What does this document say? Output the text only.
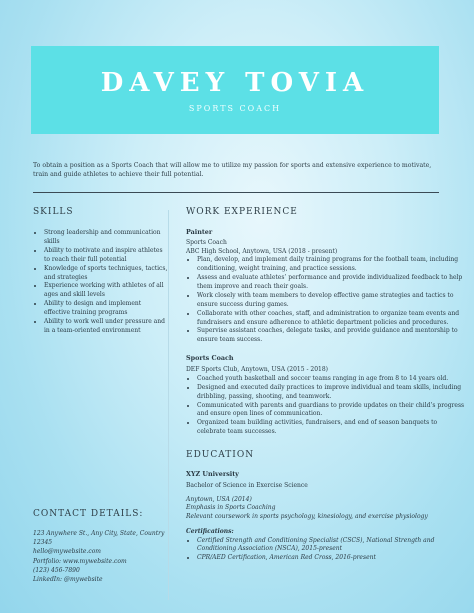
DAVEY TOVIA
SPORTS COACH
To obtain a position as a Sports Coach that will allow me to utilize my passion for sports and extensive experience to motivate, train and guide athletes to achieve their full potential.
SKILLS
• Strong leadership and communication skills
• Ability to motivate and inspire athletes to reach their full potential
• Knowledge of sports techniques, tactics, and strategies
• Experience working with athletes of all ages and skill levels
• Ability to design and implement effective training programs
• Ability to work well under pressure and in a team-oriented environment
CONTACT DETAILS:
123 Anywhere St., Any City, State, Country 12345
hello@mywebsite.com
Portfolio: www.mywebsite.com
(123) 456-7890
LinkedIn: @mywebsite
WORK EXPERIENCE
Painter
Sports Coach
ABC High School, Anytown, USA (2018 - present)
• Plan, develop, and implement daily training programs for the football team, including conditioning, weight training, and practice sessions.
• Assess and evaluate athletes’ performance and provide individualized feedback to help them improve and reach their goals.
• Work closely with team members to develop effective game strategies and tactics to ensure success during games.
• Collaborate with other coaches, staff, and administration to organize team events and fundraisers and ensure adherence to athletic department policies and procedures.
• Supervise assistant coaches, delegate tasks, and provide guidance and mentorship to ensure team success.
Sports Coach
DEF Sports Club, Anytown, USA (2015 - 2018)
• Coached youth basketball and soccer teams ranging in age from 8 to 14 years old.
• Designed and executed daily practices to improve individual and team skills, including dribbling, passing, shooting, and teamwork.
• Communicated with parents and guardians to provide updates on their child’s progress and ensure open lines of communication.
• Organized team building activities, fundraisers, and end of season banquets to celebrate team successes.
EDUCATION
XYZ University
Bachelor of Science in Exercise Science
Anytown, USA (2014)
Emphasis in Sports Coaching
Relevant coursework in sports psychology, kinesiology, and exercise physiology
Certifications:
• Certified Strength and Conditioning Specialist (CSCS), National Strength and Conditioning Association (NSCA), 2015-present
• CPR/AED Certification, American Red Cross, 2016-present
